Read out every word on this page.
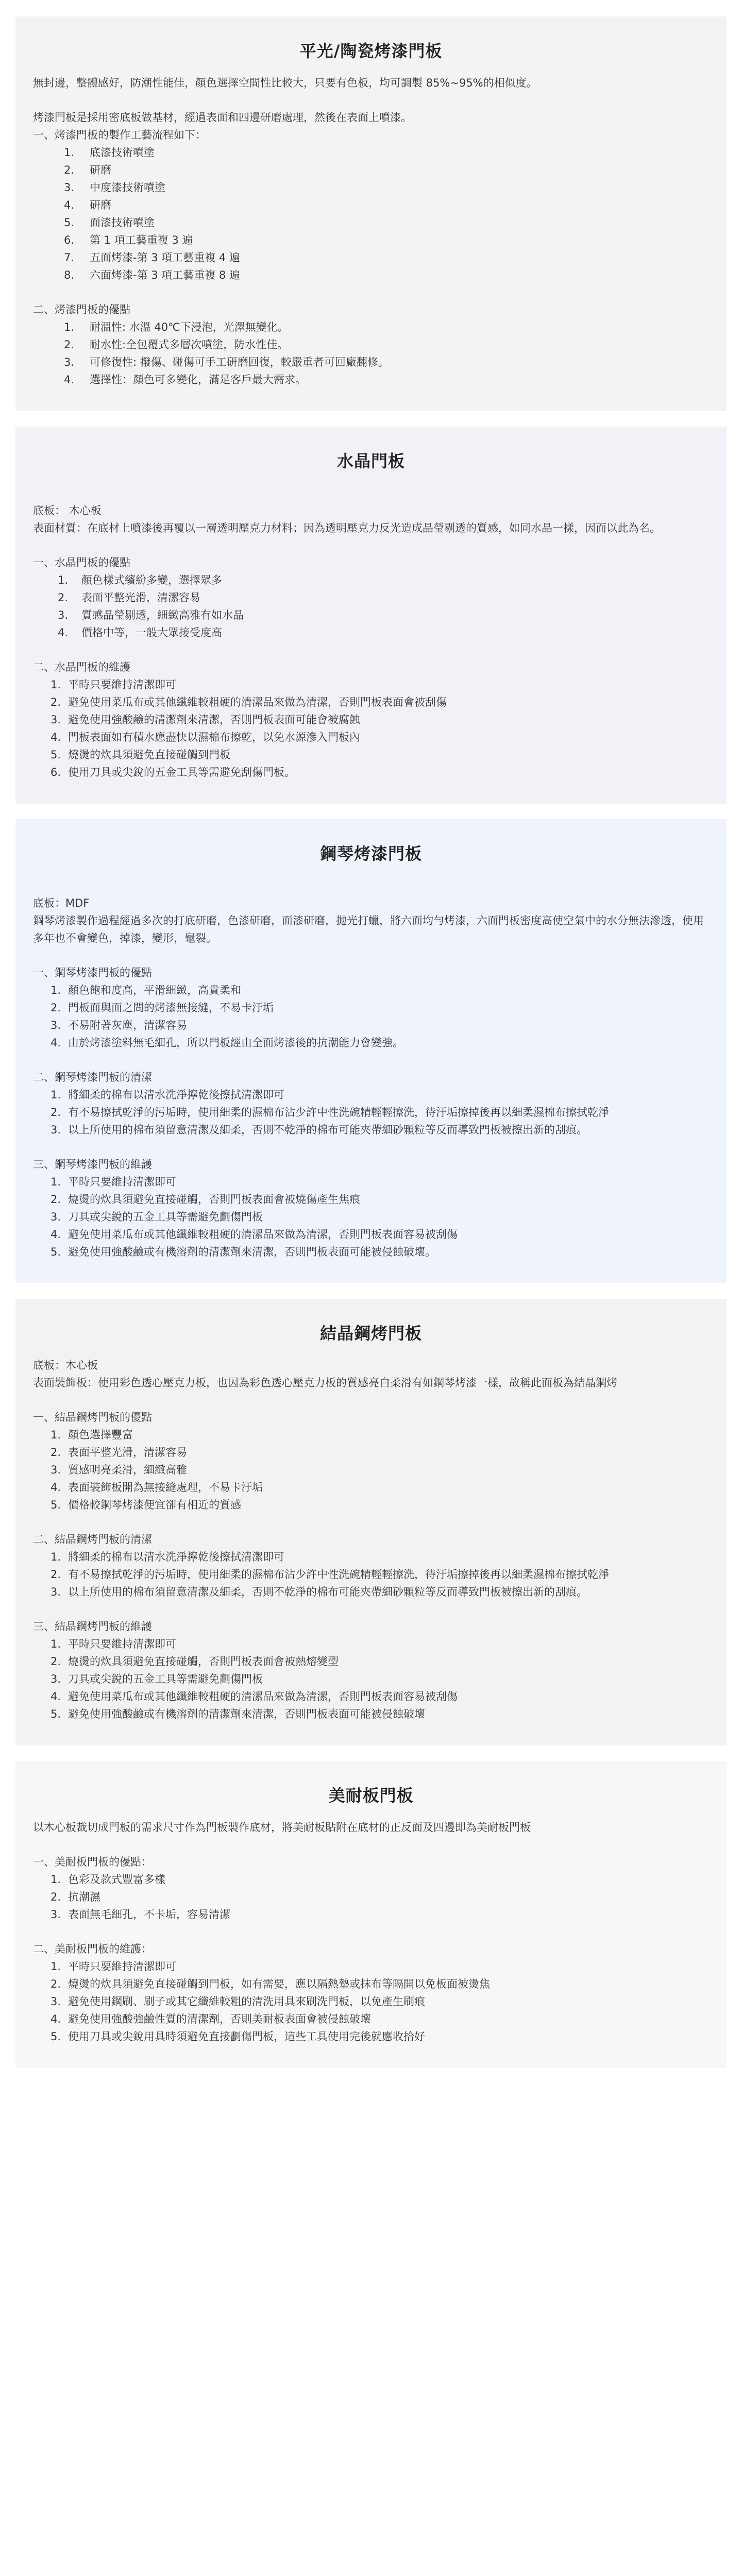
平光/陶瓷烤漆門板

無封邊，整體感好，防潮性能佳，顏色選擇空間性比較大，只要有色板，均可調製 85%~95%的相似度。

烤漆門板是採用密底板做基材，經過表面和四邊研磨處理，然後在表面上噴漆。

一、烤漆門板的製作工藝流程如下：

1.	底漆技術噴塗
2.	研磨
3.	中度漆技術噴塗
4.	研磨
5.	面漆技術噴塗
6.	第 1 項工藝重複 3 遍
7.	五面烤漆-第 3 項工藝重複 4 遍
8.	六面烤漆-第 3 項工藝重複 8 遍

二、烤漆門板的優點

1.	耐溫性: 水溫 40℃下浸泡，光澤無變化。
2.	耐水性:全包覆式多層次噴塗，防水性佳。
3.	可修復性: 撥傷、碰傷可手工研磨回復，較嚴重者可回廠翻修。
4.	選擇性：顏色可多變化，滿足客戶最大需求。
水晶門板

底板： 木心板

表面材質：在底材上噴漆後再覆以一層透明壓克力材料；因為透明壓克力反光造成晶瑩剔透的質感，如同水晶一樣，因而以此為名。

一、水晶門板的優點

1.	顏色樣式繽紛多變，選擇眾多
2.	表面平整光滑，清潔容易
3.	質感晶瑩剔透，細緻高雅有如水晶
4.	價格中等，一般大眾接受度高

二、水晶門板的維護

1. 平時只要維持清潔即可
2. 避免使用菜瓜布或其他纖維較粗硬的清潔品來做為清潔，否則門板表面會被刮傷
3. 避免使用強酸鹼的清潔劑來清潔，否則門板表面可能會被腐蝕
4. 門板表面如有積水應盡快以濕棉布擦乾，以免水源滲入門板內
5. 燒燙的炊具須避免直接碰觸到門板
6. 使用刀具或尖銳的五金工具等需避免刮傷門板。
鋼琴烤漆門板

底板：MDF

鋼琴烤漆製作過程經過多次的打底研磨，色漆研磨，面漆研磨，拋光打蠟，將六面均勻烤漆，六面門板密度高使空氣中的水分無法滲透，使用多年也不會變色，掉漆，變形，龜裂。

一、鋼琴烤漆門板的優點

1. 顏色飽和度高，平滑細緻，高貴柔和
2. 門板面與面之間的烤漆無接縫，不易卡汙垢
3. 不易附著灰塵，清潔容易
4. 由於烤漆塗料無毛細孔，所以門板經由全面烤漆後的抗潮能力會變強。

二、鋼琴烤漆門板的清潔

1. 將細柔的棉布以清水洗淨擰乾後擦拭清潔即可
2. 有不易擦拭乾淨的污垢時，使用細柔的濕棉布沾少許中性洗碗精輕輕擦洗，待汙垢擦掉後再以細柔濕棉布擦拭乾淨
3. 以上所使用的棉布須留意清潔及細柔，否則不乾淨的棉布可能夾帶細砂顆粒等反而導致門板被擦出新的刮痕。

三、鋼琴烤漆門板的維護

1. 平時只要維持清潔即可
2. 燒燙的炊具須避免直接碰觸，否則門板表面會被燒傷產生焦痕
3. 刀具或尖銳的五金工具等需避免劃傷門板
4. 避免使用菜瓜布或其他纖維較粗硬的清潔品來做為清潔，否則門板表面容易被刮傷
5. 避免使用強酸鹼或有機溶劑的清潔劑來清潔，否則門板表面可能被侵蝕破壞。
結晶鋼烤門板

底板：木心板

表面裝飾板：使用彩色透心壓克力板，也因為彩色透心壓克力板的質感亮白柔滑有如鋼琴烤漆一樣，故稱此面板為結晶鋼烤

一、結晶鋼烤門板的優點

1. 顏色選擇豐富
2. 表面平整光滑，清潔容易
3. 質感明亮柔滑，細緻高雅
4. 表面裝飾板開為無接縫處理，不易卡汙垢
5. 價格較鋼琴烤漆便宜卻有相近的質感

二、結晶鋼烤門板的清潔

1. 將細柔的棉布以清水洗淨擰乾後擦拭清潔即可
2. 有不易擦拭乾淨的污垢時，使用細柔的濕棉布沾少許中性洗碗精輕輕擦洗，待汙垢擦掉後再以細柔濕棉布擦拭乾淨
3. 以上所使用的棉布須留意清潔及細柔，否則不乾淨的棉布可能夾帶細砂顆粒等反而導致門板被擦出新的刮痕。

三、結晶鋼烤門板的維護

1. 平時只要維持清潔即可
2. 燒燙的炊具須避免直接碰觸，否則門板表面會被熱熔變型
3. 刀具或尖銳的五金工具等需避免劃傷門板
4. 避免使用菜瓜布或其他纖維較粗硬的清潔品來做為清潔，否則門板表面容易被刮傷
5. 避免使用強酸鹼或有機溶劑的清潔劑來清潔，否則門板表面可能被侵蝕破壞
美耐板門板

以木心板裁切成門板的需求尺寸作為門板製作底材，將美耐板貼附在底材的正反面及四邊即為美耐板門板

一、美耐板門板的優點：

1. 色彩及款式豐富多樣
2. 抗潮濕
3. 表面無毛細孔，不卡垢，容易清潔

二、美耐板門板的維護：

1. 平時只要維持清潔即可
2. 燒燙的炊具須避免直接碰觸到門板，如有需要，應以隔熱墊或抹布等隔開以免板面被燙焦
3. 避免使用鋼刷、刷子或其它纖維較粗的清洗用具來刷洗門板，以免產生刷痕
4. 避免使用強酸強鹼性質的清潔劑，否則美耐板表面會被侵蝕破壞
5. 使用刀具或尖銳用具時須避免直接劃傷門板，這些工具使用完後就應收拾好
